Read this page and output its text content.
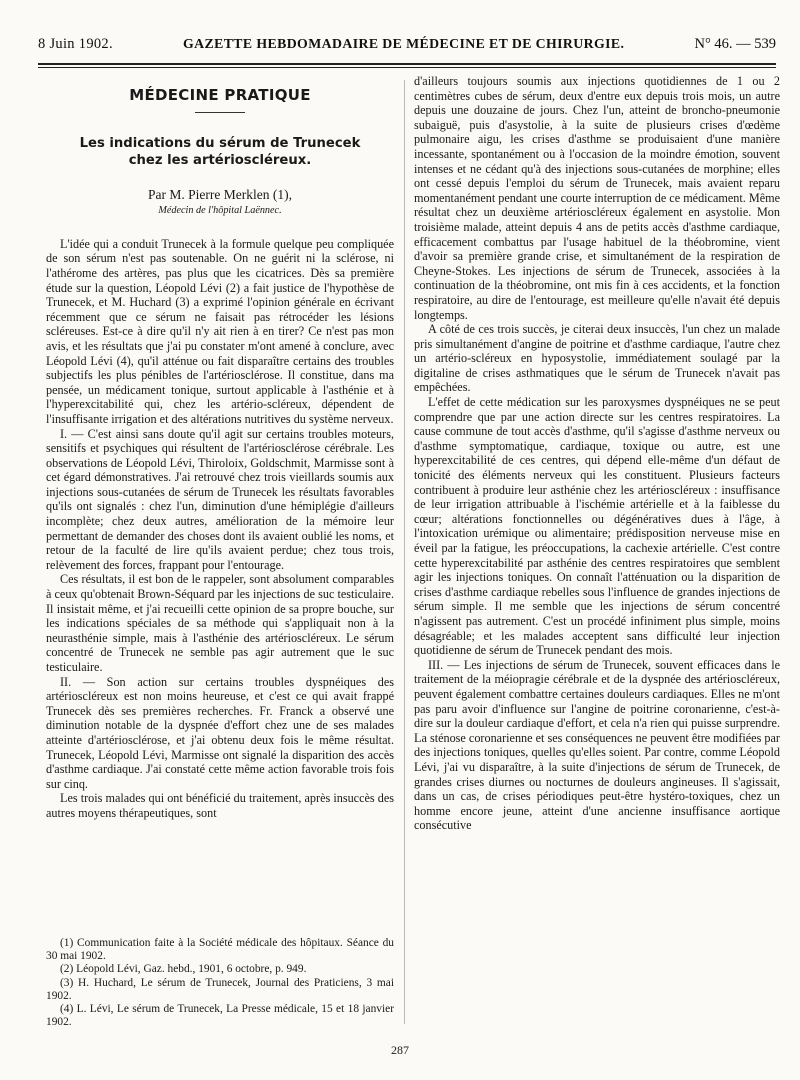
8 Juin 1902.	GAZETTE HEBDOMADAIRE DE MÉDECINE ET DE CHIRURGIE.	N° 46. — 539
MÉDECINE PRATIQUE
Les indications du sérum de Trunecek
chez les artérioscléreux.
Par M. Pierre Merklen (1),
Médecin de l'hôpital Laënnec.

L'idée qui a conduit Trunecek à la formule quelque peu compliquée de son sérum n'est pas soutenable. On ne guérit ni la sclérose, ni l'athérome des artères, pas plus que les cicatrices. Dès sa première étude sur la question, Léopold Lévi (2) a fait justice de l'hypothèse de Trunecek, et M. Huchard (3) a exprimé l'opinion générale en écrivant récemment que ce sérum ne faisait pas rétrocéder les lésions scléreuses. Est-ce à dire qu'il n'y ait rien à en tirer? Ce n'est pas mon avis, et les résultats que j'ai pu constater m'ont amené à conclure, avec Léopold Lévi (4), qu'il atténue ou fait disparaître certains des troubles subjectifs les plus pénibles de l'artériosclérose. Il constitue, dans ma pensée, un médicament tonique, surtout applicable à l'asthénie et à l'hyperexcitabilité qui, chez les artério-scléreux, dépendent de l'insuffisante irrigation et des altérations nutritives du système nerveux.

I. — C'est ainsi sans doute qu'il agit sur certains troubles moteurs, sensitifs et psychiques qui résultent de l'artériosclérose cérébrale. Les observations de Léopold Lévi, Thiroloix, Goldschmit, Marmisse sont à cet égard démonstratives. J'ai retrouvé chez trois vieillards soumis aux injections sous-cutanées de sérum de Trunecek les résultats favorables qu'ils ont signalés : chez l'un, diminution d'une hémiplégie d'ailleurs incomplète; chez deux autres, amélioration de la mémoire leur permettant de demander des choses dont ils avaient oublié les noms, et retour de la faculté de lire qu'ils avaient perdue; chez tous trois, relèvement des forces, frappant pour l'entourage.

Ces résultats, il est bon de le rappeler, sont absolument comparables à ceux qu'obtenait Brown-Séquard par les injections de suc testiculaire. Il insistait même, et j'ai recueilli cette opinion de sa propre bouche, sur les indications spéciales de sa méthode qui s'appliquait non à la neurasthénie simple, mais à l'asthénie des artérioscléreux. Le sérum concentré de Trunecek ne semble pas agir autrement que le suc testiculaire.

II. — Son action sur certains troubles dyspnéiques des artérioscléreux est non moins heureuse, et c'est ce qui avait frappé Trunecek dès ses premières recherches. Fr. Franck a observé une diminution notable de la dyspnée d'effort chez une de ses malades atteinte d'artériosclérose, et j'ai obtenu deux fois le même résultat. Trunecek, Léopold Lévi, Marmisse ont signalé la disparition des accès d'asthme cardiaque. J'ai constaté cette même action favorable trois fois sur cinq.

Les trois malades qui ont bénéficié du traitement, après insuccès des autres moyens thérapeutiques, sont

(1) Communication faite à la Société médicale des hôpitaux. Séance du 30 mai 1902.

(2) Léopold Lévi, Gaz. hebd., 1901, 6 octobre, p. 949.

(3) H. Huchard, Le sérum de Trunecek, Journal des Praticiens, 3 mai 1902.

(4) L. Lévi, Le sérum de Trunecek, La Presse médicale, 15 et 18 janvier 1902.

d'ailleurs toujours soumis aux injections quotidiennes de 1 ou 2 centimètres cubes de sérum, deux d'entre eux depuis trois mois, un autre depuis une douzaine de jours. Chez l'un, atteint de broncho-pneumonie subaiguë, puis d'asystolie, à la suite de plusieurs crises d'œdème pulmonaire aigu, les crises d'asthme se produisaient d'une manière incessante, spontanément ou à l'occasion de la moindre émotion, souvent intenses et ne cédant qu'à des injections sous-cutanées de morphine; elles ont cessé depuis l'emploi du sérum de Trunecek, mais avaient reparu momentanément pendant une courte interruption de ce médicament. Même résultat chez un deuxième artérioscléreux également en asystolie. Mon troisième malade, atteint depuis 4 ans de petits accès d'asthme cardiaque, efficacement combattus par l'usage habituel de la théobromine, vient d'avoir sa première grande crise, et simultanément de la respiration de Cheyne-Stokes. Les injections de sérum de Trunecek, associées à la continuation de la théobromine, ont mis fin à ces accidents, et la fonction respiratoire, au dire de l'entourage, est meilleure qu'elle n'avait été depuis longtemps.

A côté de ces trois succès, je citerai deux insuccès, l'un chez un malade pris simultanément d'angine de poitrine et d'asthme cardiaque, l'autre chez un artério-scléreux en hyposystolie, immédiatement soulagé par la digitaline de crises asthmatiques que le sérum de Trunecek n'avait pas empêchées.

L'effet de cette médication sur les paroxysmes dyspnéiques ne se peut comprendre que par une action directe sur les centres respiratoires. La cause commune de tout accès d'asthme, qu'il s'agisse d'asthme nerveux ou d'asthme symptomatique, cardiaque, toxique ou autre, est une hyperexcitabilité de ces centres, qui dépend elle-même d'un défaut de tonicité des éléments nerveux qui les constituent. Plusieurs facteurs contribuent à produire leur asthénie chez les artérioscléreux : insuffisance de leur irrigation attribuable à l'ischémie artérielle et à la faiblesse du cœur; altérations fonctionnelles ou dégénératives dues à l'âge, à l'intoxication urémique ou alimentaire; prédisposition nerveuse mise en éveil par la fatigue, les préoccupations, la cachexie artérielle. C'est contre cette hyperexcitabilité par asthénie des centres respiratoires que semblent agir les injections toniques. On connaît l'atténuation ou la disparition de crises d'asthme cardiaque rebelles sous l'influence de grandes injections de sérum simple. Il me semble que les injections de sérum concentré n'agissent pas autrement. C'est un procédé infiniment plus simple, moins désagréable; et les malades acceptent sans difficulté leur injection quotidienne de sérum de Trunecek pendant des mois.

III. — Les injections de sérum de Trunecek, souvent efficaces dans le traitement de la méiopragie cérébrale et de la dyspnée des artérioscléreux, peuvent également combattre certaines douleurs cardiaques. Elles ne m'ont pas paru avoir d'influence sur l'angine de poitrine coronarienne, c'est-à-dire sur la douleur cardiaque d'effort, et cela n'a rien qui puisse surprendre. La sténose coronarienne et ses conséquences ne peuvent être modifiées par des injections toniques, quelles qu'elles soient. Par contre, comme Léopold Lévi, j'ai vu disparaître, à la suite d'injections de sérum de Trunecek, de grandes crises diurnes ou nocturnes de douleurs angineuses. Il s'agissait, dans un cas, de crises périodiques peut-être hystéro-toxiques, chez un homme encore jeune, atteint d'une ancienne insuffisance aortique consécutive

287
